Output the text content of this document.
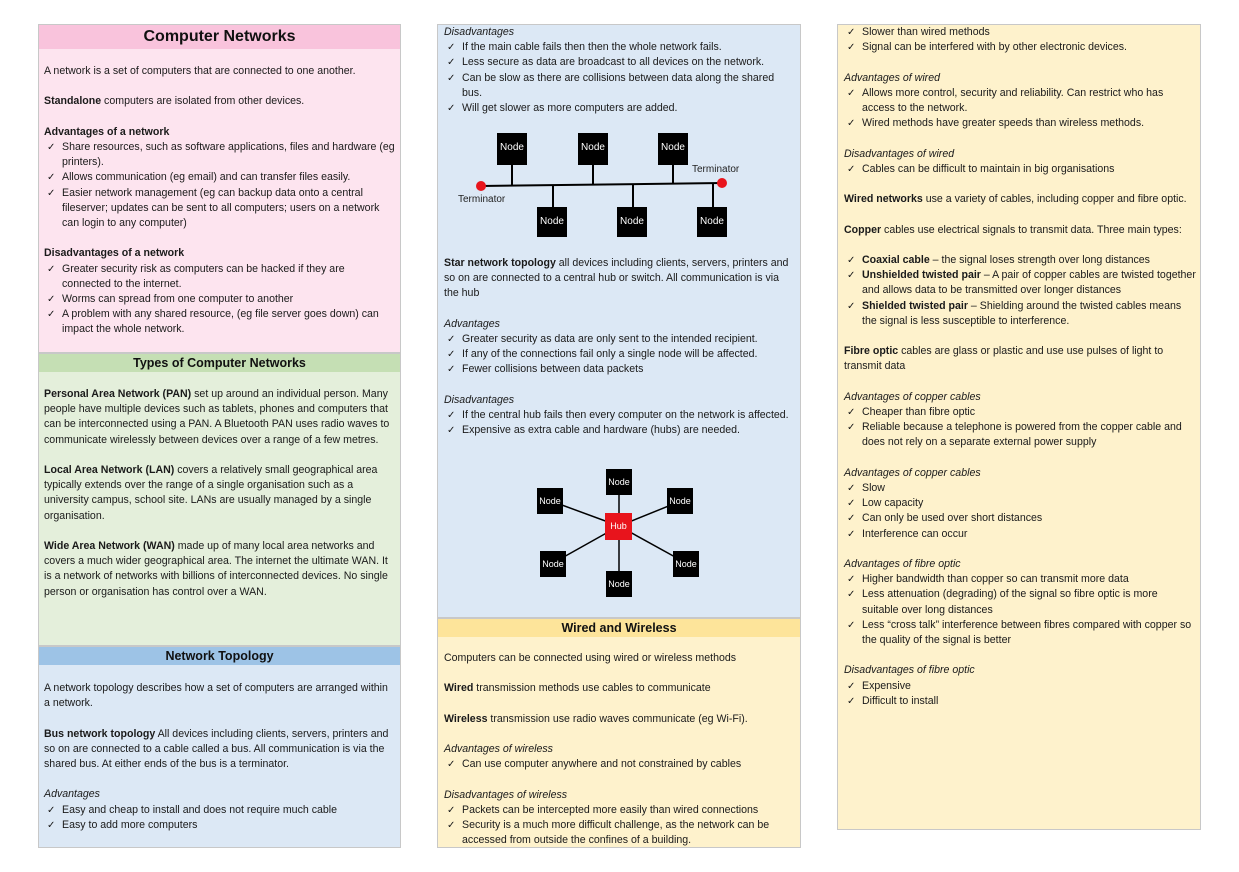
Computer Networks

A network is a set of computers that are connected to one another.

Standalone computers are isolated from other devices.

Advantages of a network

✓ Share resources, such as software applications, files and hardware (eg printers).
✓ Allows communication (eg email) and can transfer files easily.
✓ Easier network management (eg can backup data onto a central fileserver; updates can be sent to all computers; users on a network can login to any computer)

Disadvantages of a network

✓ Greater security risk as computers can be hacked if they are connected to the internet.
✓ Worms can spread from one computer to another
✓ A problem with any shared resource, (eg file server goes down) can impact the whole network.
Types of Computer Networks

Personal Area Network (PAN) set up around an individual person. Many people have multiple devices such as tablets, phones and computers that can be interconnected using a PAN. A Bluetooth PAN uses radio waves to communicate wirelessly between devices over a range of a few metres.

Local Area Network (LAN) covers a relatively small geographical area typically extends over the range of a single organisation such as a university campus, school site. LANs are usually managed by a single organisation.

Wide Area Network (WAN) made up of many local area networks and covers a much wider geographical area. The internet the ultimate WAN. It is a network of networks with billions of interconnected devices. No single person or organisation has control over a WAN.

Network Topology

A network topology describes how a set of computers are arranged within a network.

Bus network topology All devices including clients, servers, printers and so on are connected to a cable called a bus. All communication is via the shared bus. At either ends of the bus is a terminator.

Advantages

✓ Easy and cheap to install and does not require much cable
✓ Easy to add more computers

Disadvantages

✓ If the main cable fails then then the whole network fails.
✓ Less secure as data are broadcast to all devices on the network.
✓ Can be slow as there are collisions between data along the shared bus.
✓ Will get slower as more computers are added.
Node	Node	Node
Node	Node	Node
Terminator
Terminator

Star network topology all devices including clients, servers, printers and so on are connected to a central hub or switch. All communication is via the hub

Advantages

✓ Greater security as data are only sent to the intended recipient.
✓ If any of the connections fail only a single node will be affected.
✓ Fewer collisions between data packets

Disadvantages

✓ If the central hub fails then every computer on the network is affected.
✓ Expensive as extra cable and hardware (hubs) are needed.
Hub
Node
Node	Node
Node	Node
Node
Wired and Wireless

Computers can be connected using wired or wireless methods

Wired transmission methods use cables to communicate

Wireless transmission use radio waves communicate (eg Wi-Fi).

Advantages of wireless

✓ Can use computer anywhere and not constrained by cables

Disadvantages of wireless

✓ Packets can be intercepted more easily than wired connections
✓ Security is a much more difficult challenge, as the network can be accessed from outside the confines of a building.
✓ Slower than wired methods
✓ Signal can be interfered with by other electronic devices.

Advantages of wired

✓ Allows more control, security and reliability. Can restrict who has access to the network.
✓ Wired methods have greater speeds than wireless methods.

Disadvantages of wired

✓ Cables can be difficult to maintain in big organisations

Wired networks use a variety of cables, including copper and fibre optic.

Copper cables use electrical signals to transmit data. Three main types:

✓ Coaxial cable – the signal loses strength over long distances
✓ Unshielded twisted pair – A pair of copper cables are twisted together and allows data to be transmitted over longer distances
✓ Shielded twisted pair – Shielding around the twisted cables means the signal is less susceptible to interference.

Fibre optic cables are glass or plastic and use use pulses of light to transmit data

Advantages of copper cables

✓ Cheaper than fibre optic
✓ Reliable because a telephone is powered from the copper cable and does not rely on a separate external power supply

Advantages of copper cables

✓ Slow
✓ Low capacity
✓ Can only be used over short distances
✓ Interference can occur

Advantages of fibre optic

✓ Higher bandwidth than copper so can transmit more data
✓ Less attenuation (degrading) of the signal so fibre optic is more suitable over long distances
✓ Less “cross talk” interference between fibres compared with copper so the quality of the signal is better

Disadvantages of fibre optic

✓ Expensive
✓ Difficult to install
